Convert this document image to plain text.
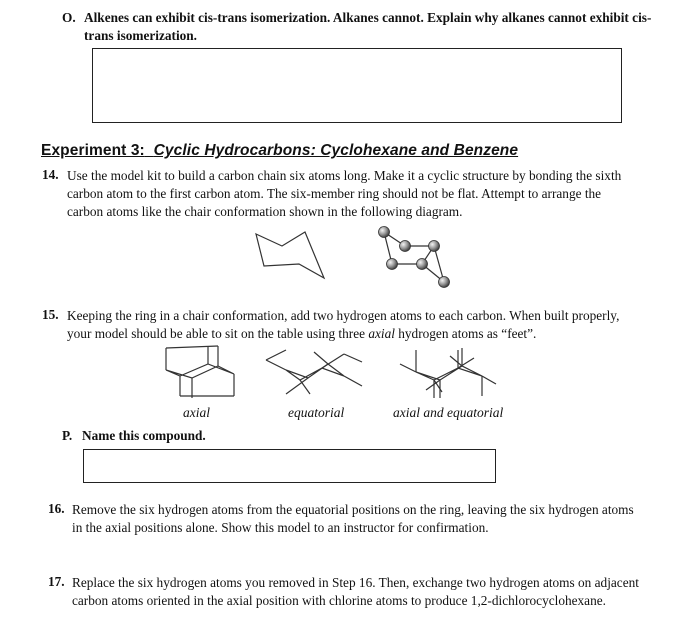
O. Alkenes can exhibit cis-trans isomerization. Alkanes cannot. Explain why alkanes cannot exhibit cis-
trans isomerization.
Experiment 3: Cyclic Hydrocarbons: Cyclohexane and Benzene
14. Use the model kit to build a carbon chain six atoms long. Make it a cyclic structure by bonding the sixth
carbon atom to the first carbon atom. The six-member ring should not be flat. Attempt to arrange the
carbon atoms like the chair conformation shown in the following diagram.
15. Keeping the ring in a chair conformation, add two hydrogen atoms to each carbon. When built properly,
your model should be able to sit on the table using three axial hydrogen atoms as “feet”.
axial	equatorial	axial and equatorial
P. Name this compound.
16. Remove the six hydrogen atoms from the equatorial positions on the ring, leaving the six hydrogen atoms
in the axial positions alone. Show this model to an instructor for confirmation.
17. Replace the six hydrogen atoms you removed in Step 16. Then, exchange two hydrogen atoms on adjacent
carbon atoms oriented in the axial position with chlorine atoms to produce 1,2-dichlorocyclohexane.
